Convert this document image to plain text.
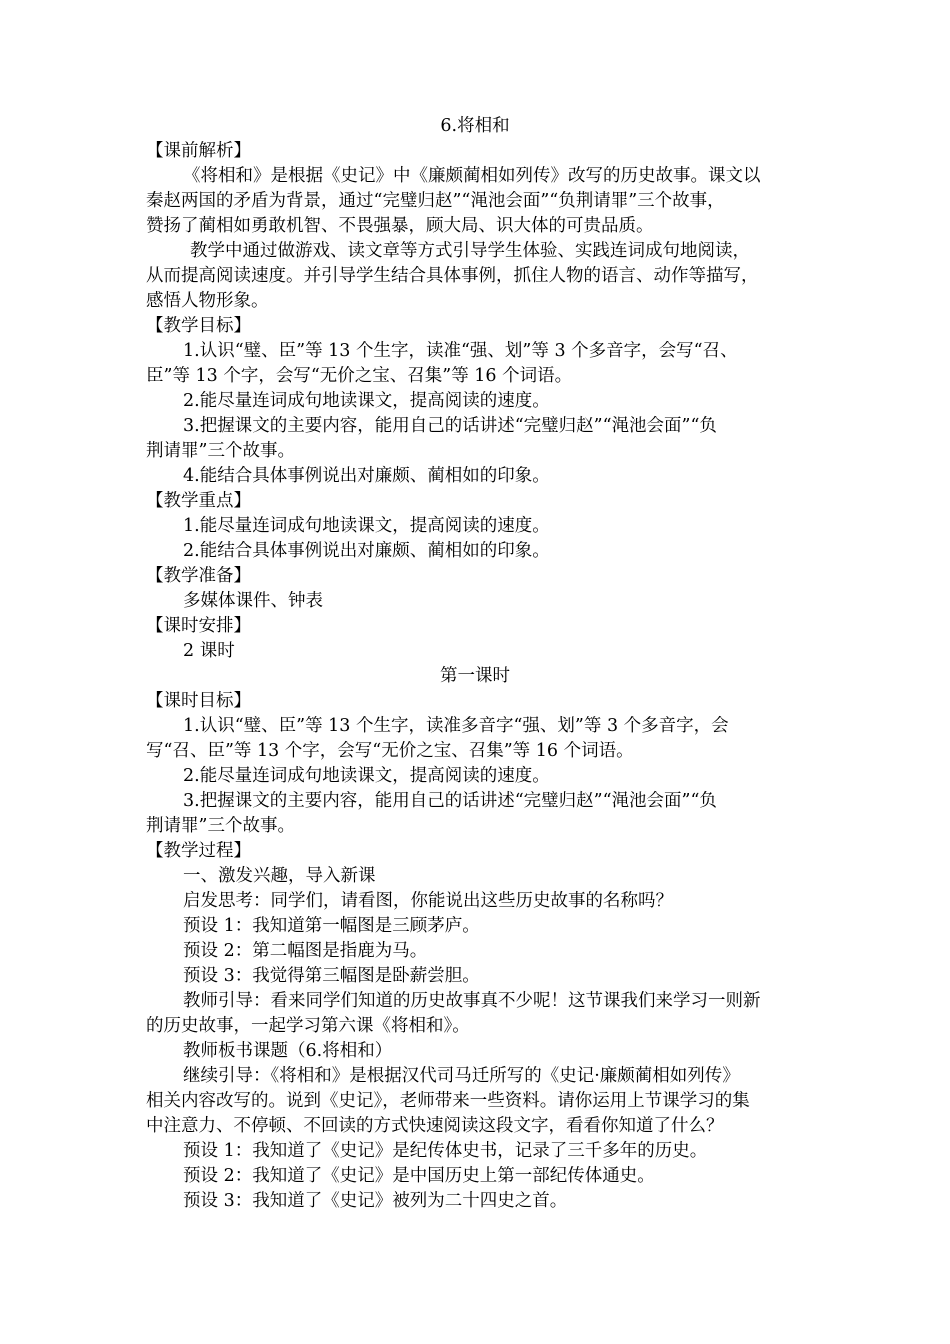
6.将相和
【课前解析】
《将相和》是根据《史记》中《廉颇蔺相如列传》改写的历史故事。课文以
秦赵两国的矛盾为背景，通过“完璧归赵”“渑池会面”“负荆请罪”三个故事，
赞扬了蔺相如勇敢机智、不畏强暴，顾大局、识大体的可贵品质。
教学中通过做游戏、读文章等方式引导学生体验、实践连词成句地阅读，
从而提高阅读速度。并引导学生结合具体事例，抓住人物的语言、动作等描写，
感悟人物形象。
【教学目标】
1.认识“璧、臣”等 13 个生字，读准“强、划”等 3 个多音字，会写“召、
臣”等 13 个字，会写“无价之宝、召集”等 16 个词语。
2.能尽量连词成句地读课文，提高阅读的速度。
3.把握课文的主要内容，能用自己的话讲述“完璧归赵”“渑池会面”“负
荆请罪”三个故事。
4.能结合具体事例说出对廉颇、蔺相如的印象。
【教学重点】
1.能尽量连词成句地读课文，提高阅读的速度。
2.能结合具体事例说出对廉颇、蔺相如的印象。
【教学准备】
多媒体课件、钟表
【课时安排】
2 课时
第一课时
【课时目标】
1.认识“璧、臣”等 13 个生字，读准多音字“强、划”等 3 个多音字，会
写“召、臣”等 13 个字，会写“无价之宝、召集”等 16 个词语。
2.能尽量连词成句地读课文，提高阅读的速度。
3.把握课文的主要内容，能用自己的话讲述“完璧归赵”“渑池会面”“负
荆请罪”三个故事。
【教学过程】
一、激发兴趣，导入新课
启发思考：同学们，请看图，你能说出这些历史故事的名称吗？
预设 1：我知道第一幅图是三顾茅庐。
预设 2：第二幅图是指鹿为马。
预设 3：我觉得第三幅图是卧薪尝胆。
教师引导：看来同学们知道的历史故事真不少呢！这节课我们来学习一则新
的历史故事，一起学习第六课《将相和》。
教师板书课题（6.将相和）
继续引导：《将相和》是根据汉代司马迁所写的《史记·廉颇蔺相如列传》
相关内容改写的。说到《史记》，老师带来一些资料。请你运用上节课学习的集
中注意力、不停顿、不回读的方式快速阅读这段文字，看看你知道了什么？
预设 1：我知道了《史记》是纪传体史书，记录了三千多年的历史。
预设 2：我知道了《史记》是中国历史上第一部纪传体通史。
预设 3：我知道了《史记》被列为二十四史之首。
